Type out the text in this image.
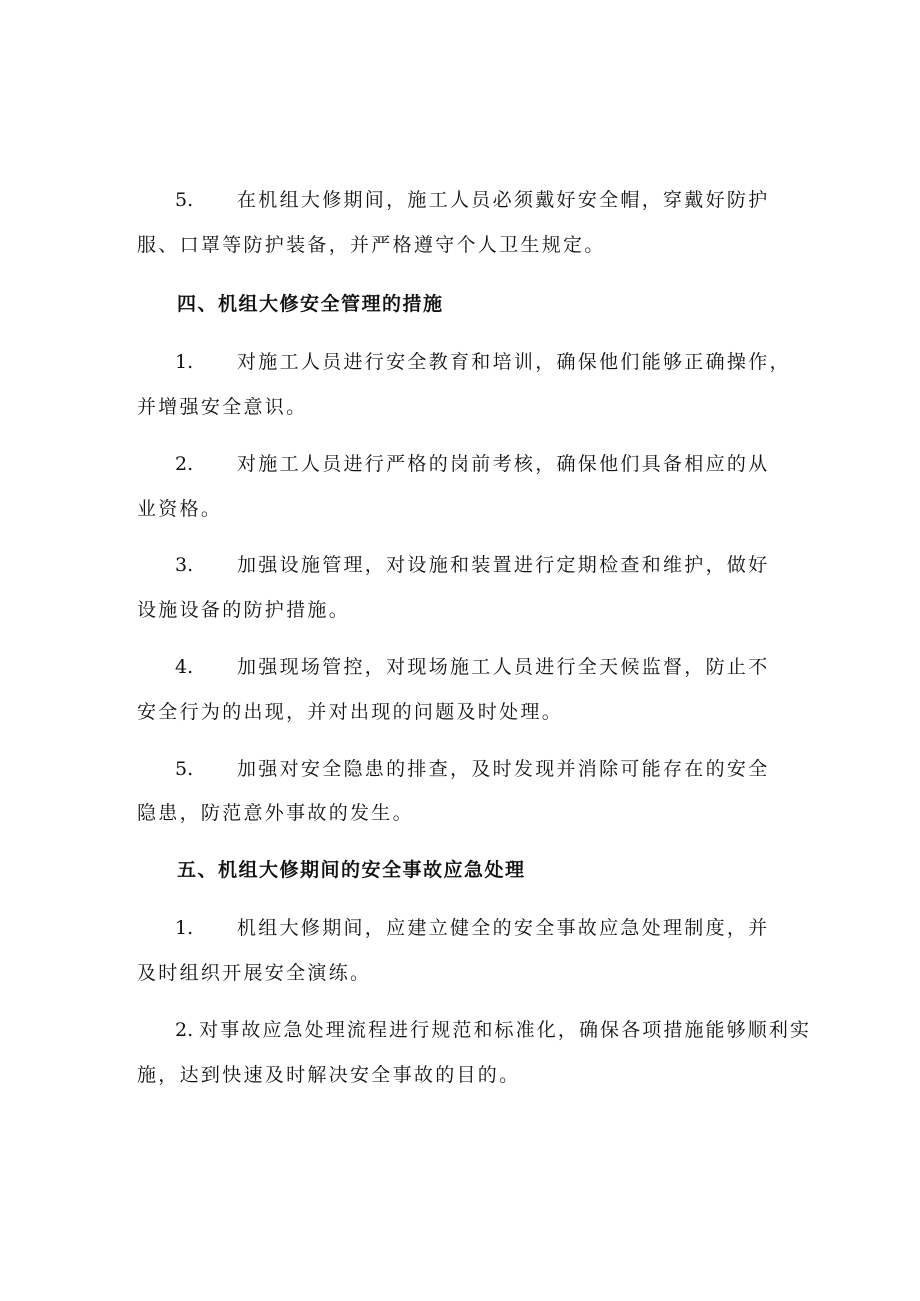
5. 在机组大修期间，施工人员必须戴好安全帽，穿戴好防护
服、口罩等防护装备，并严格遵守个人卫生规定。
四、机组大修安全管理的措施
1. 对施工人员进行安全教育和培训，确保他们能够正确操作，
并增强安全意识。
2. 对施工人员进行严格的岗前考核，确保他们具备相应的从
业资格。
3. 加强设施管理，对设施和装置进行定期检查和维护，做好
设施设备的防护措施。
4. 加强现场管控，对现场施工人员进行全天候监督，防止不
安全行为的出现，并对出现的问题及时处理。
5. 加强对安全隐患的排查，及时发现并消除可能存在的安全
隐患，防范意外事故的发生。
五、机组大修期间的安全事故应急处理
1. 机组大修期间，应建立健全的安全事故应急处理制度，并
及时组织开展安全演练。
2. 对事故应急处理流程进行规范和标准化，确保各项措施能够顺利实
施，达到快速及时解决安全事故的目的。
